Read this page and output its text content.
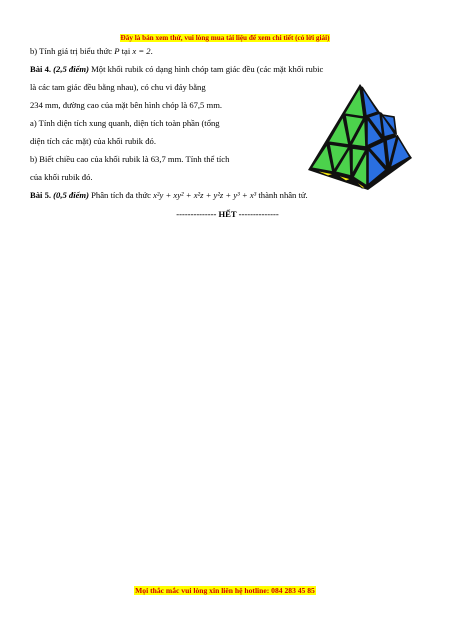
Đây là bản xem thử, vui lòng mua tài liệu để xem chi tiết (có lời giải)
b) Tính giá trị biểu thức P tại x = 2.
Bài 4. (2,5 điểm) Một khối rubik có dạng hình chóp tam giác đều (các mặt khối rubic
là các tam giác đều bằng nhau), có chu vi đáy bằng
234 mm, đường cao của mặt bên hình chóp là 67,5 mm.
a) Tính diện tích xung quanh, diện tích toàn phần (tổng
diện tích các mặt) của khối rubik đó.
b) Biết chiều cao của khối rubik là 63,7 mm. Tính thể tích
của khối rubik đó.
Bài 5. (0,5 điểm) Phân tích đa thức x²y + xy² + x²z + y²z + y³ + x³ thành nhân tử.
-------------- HẾT --------------
Mọi thắc mắc vui lòng xin liên hệ hotline: 084 283 45 85
